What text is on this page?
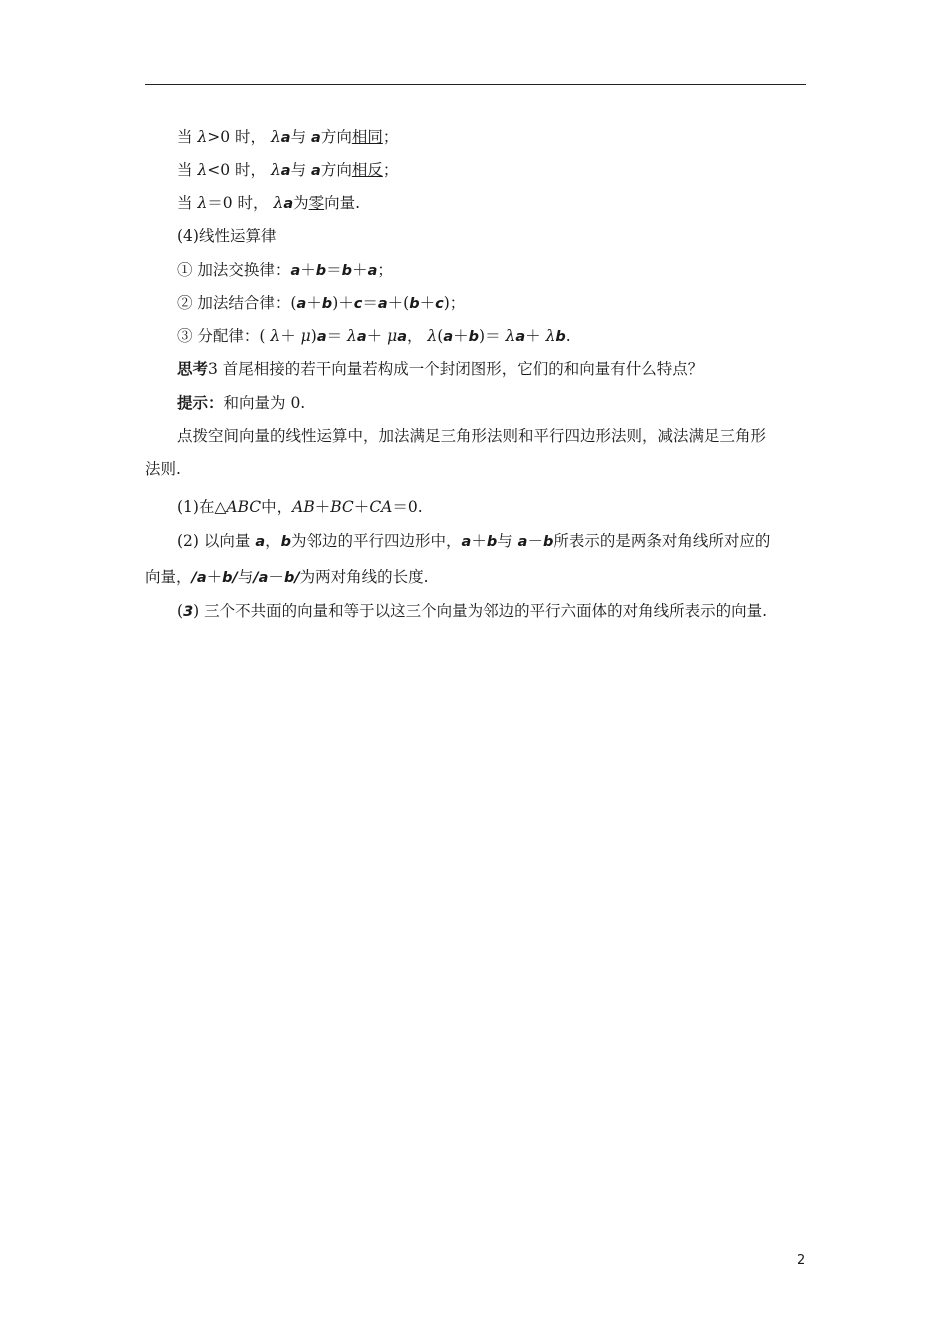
当 λ>0 时， λa与 a方向相同；
当 λ<0 时， λa与 a方向相反；
当 λ＝0 时， λa为零向量.
(4)线性运算律
① 加法交换律：a＋b＝b＋a；
② 加法结合律：(a＋b)＋c＝a＋(b＋c)；
③ 分配律：( λ＋ μ)a＝ λa＋ μa， λ(a＋b)＝ λa＋ λb.
思考3 首尾相接的若干向量若构成一个封闭图形，它们的和向量有什么特点？
提示：和向量为 0.
点拨空间向量的线性运算中，加法满足三角形法则和平行四边形法则，减法满足三角形
法则.
(1)在△ABC中，AB＋BC＋CA＝0.
(2) 以向量 a，b为邻边的平行四边形中，a＋b与 a－b所表示的是两条对角线所对应的
向量，/a＋b/与/a－b/为两对角线的长度.
(3) 三个不共面的向量和等于以这三个向量为邻边的平行六面体的对角线所表示的向量.
2
